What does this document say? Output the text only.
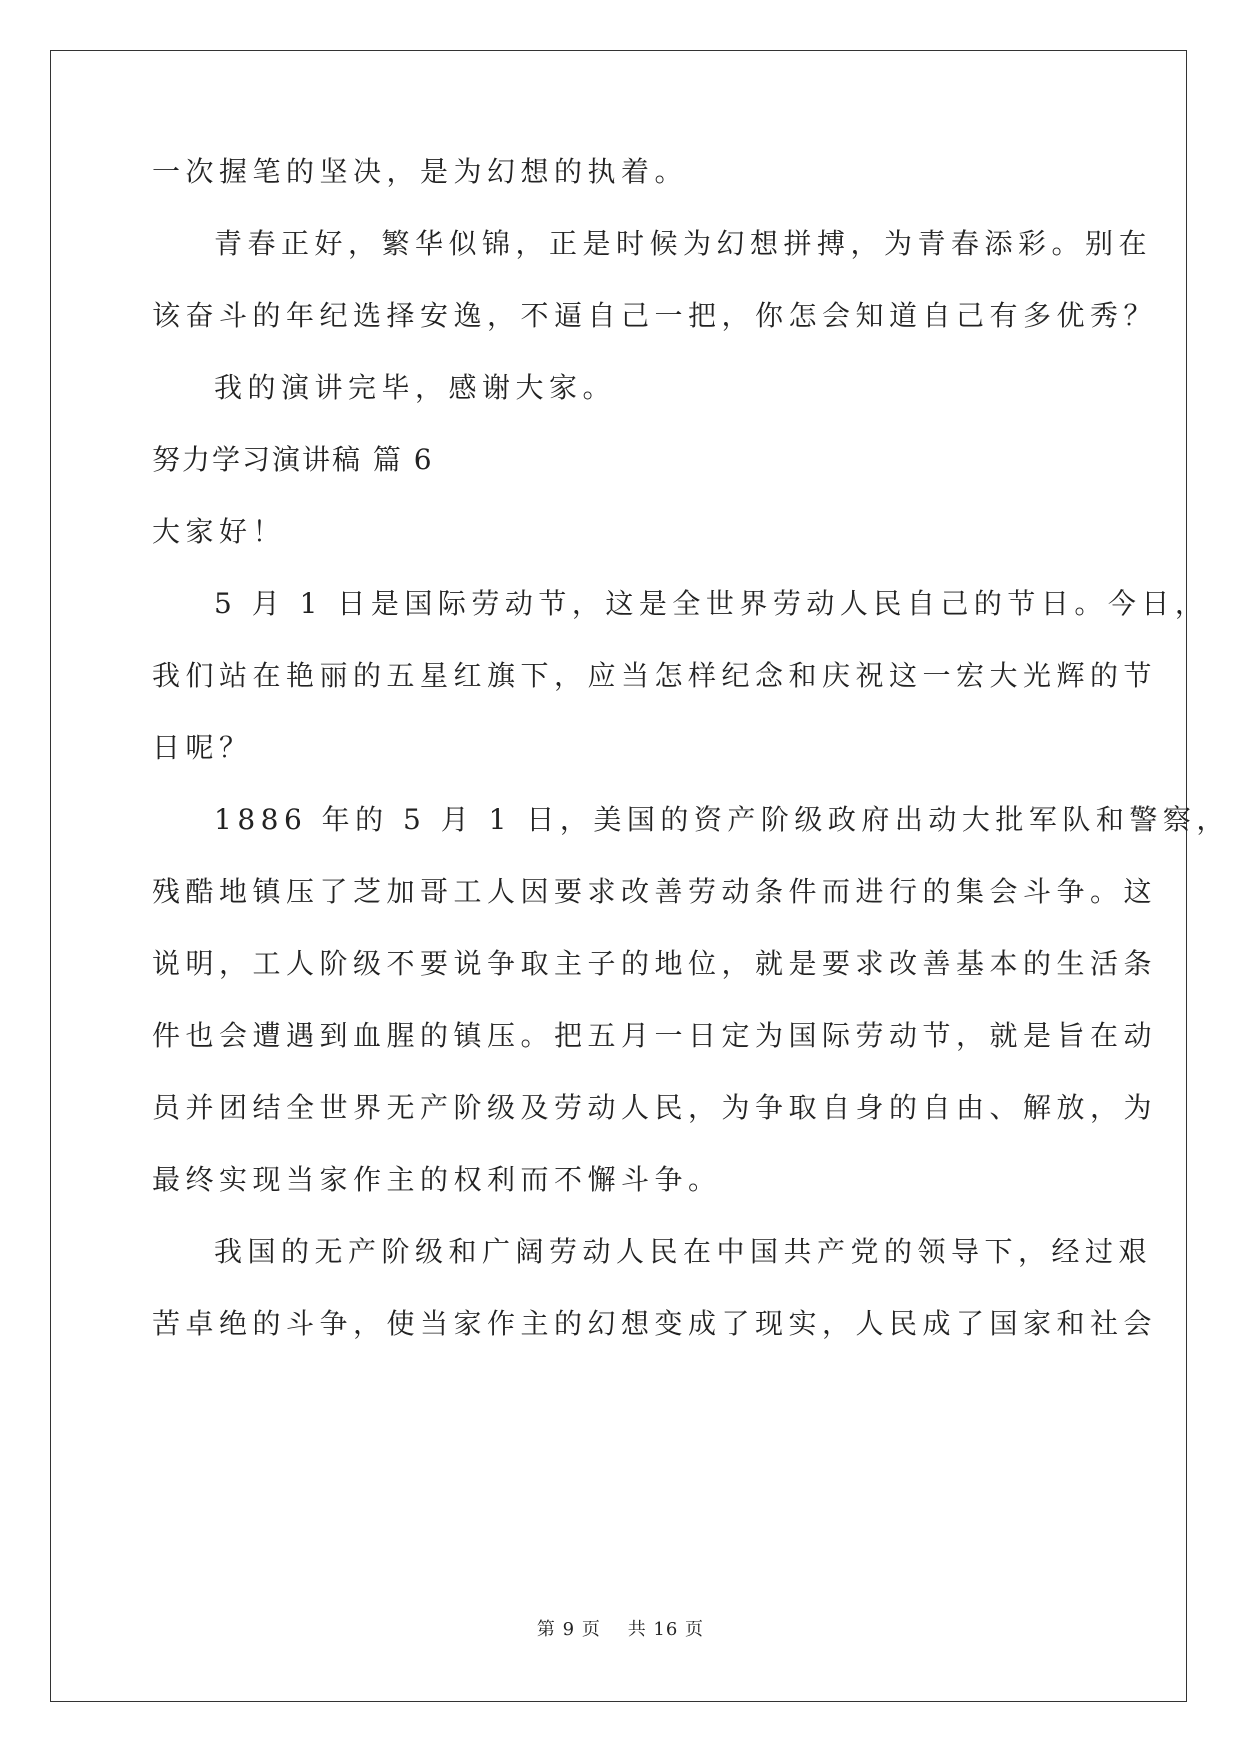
一次握笔的坚决，是为幻想的执着。
青春正好，繁华似锦，正是时候为幻想拼搏，为青春添彩。别在
该奋斗的年纪选择安逸，不逼自己一把，你怎会知道自己有多优秀？
我的演讲完毕，感谢大家。
努力学习演讲稿 篇 6
大家好！
5 月 1 日是国际劳动节，这是全世界劳动人民自己的节日。今日，
我们站在艳丽的五星红旗下，应当怎样纪念和庆祝这一宏大光辉的节
日呢？
1886 年的 5 月 1 日，美国的资产阶级政府出动大批军队和警察，
残酷地镇压了芝加哥工人因要求改善劳动条件而进行的集会斗争。这
说明，工人阶级不要说争取主子的地位，就是要求改善基本的生活条
件也会遭遇到血腥的镇压。把五月一日定为国际劳动节，就是旨在动
员并团结全世界无产阶级及劳动人民，为争取自身的自由、解放，为
最终实现当家作主的权利而不懈斗争。
我国的无产阶级和广阔劳动人民在中国共产党的领导下，经过艰
苦卓绝的斗争，使当家作主的幻想变成了现实，人民成了国家和社会
第 9 页    共 16 页
